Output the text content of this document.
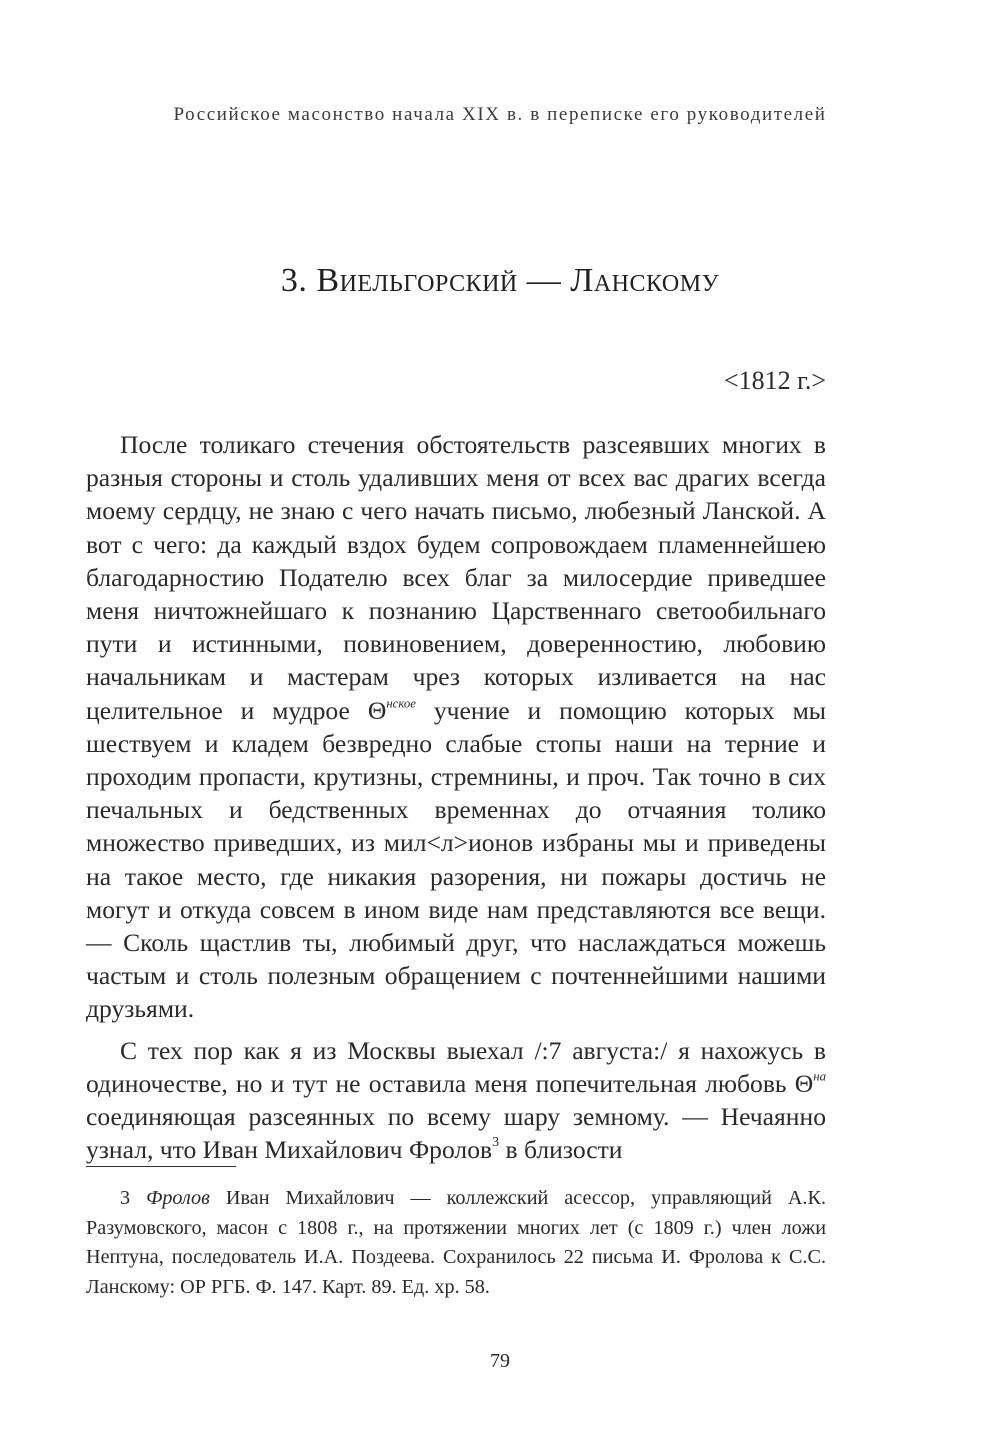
Российское масонство начала XIX в. в переписке его руководителей
3. Виельгорский — Ланскому
<1812 г.>

После толикаго стечения обстоятельств разсеявших многих в разныя стороны и столь удаливших меня от всех вас драгих всегда моему сердцу, не знаю с чего начать письмо, любезный Ланской. А вот с чего: да каждый вздох будем сопровождаем пламеннейшею благодарностию Подателю всех благ за милосердие приведшее меня ничтожнейшаго к познанию Царственнаго светообильнаго пути и истинными, повиновением, доверенностию, любовию начальникам и мастерам чрез которых изливается на нас целительное и мудрое $\Theta^{нское}$ учение и помощию которых мы шествуем и кладем безвредно слабые стопы наши на терние и проходим пропасти, крутизны, стремнины, и проч. Так точно в сих печальных и бедственных временнах до отчаяния толико множество приведших, из мил<л>ионов избраны мы и приведены на такое место, где никакия разорения, ни пожары достичь не могут и откуда совсем в ином виде нам представляются все вещи. — Сколь щастлив ты, любимый друг, что наслаждаться можешь частым и столь полезным обращением с почтеннейшими нашими друзьями.

С тех пор как я из Москвы выехал /:7 августа:/ я нахожусь в одиночестве, но и тут не оставила меня попечительная любовь $\Theta^{на}$ соединяющая разсеянных по всему шару земному. — Нечаянно узнал, что Иван Михайлович Фролов$^3$ в близости

3 Фролов Иван Михайлович — коллежский асессор, управляющий А.К. Разумовского, масон с 1808 г., на протяжении многих лет (с 1809 г.) член ложи Нептуна, последователь И.А. Поздеева. Сохранилось 22 письма И. Фролова к С.С. Ланскому: ОР РГБ. Ф. 147. Карт. 89. Ед. хр. 58.
79
